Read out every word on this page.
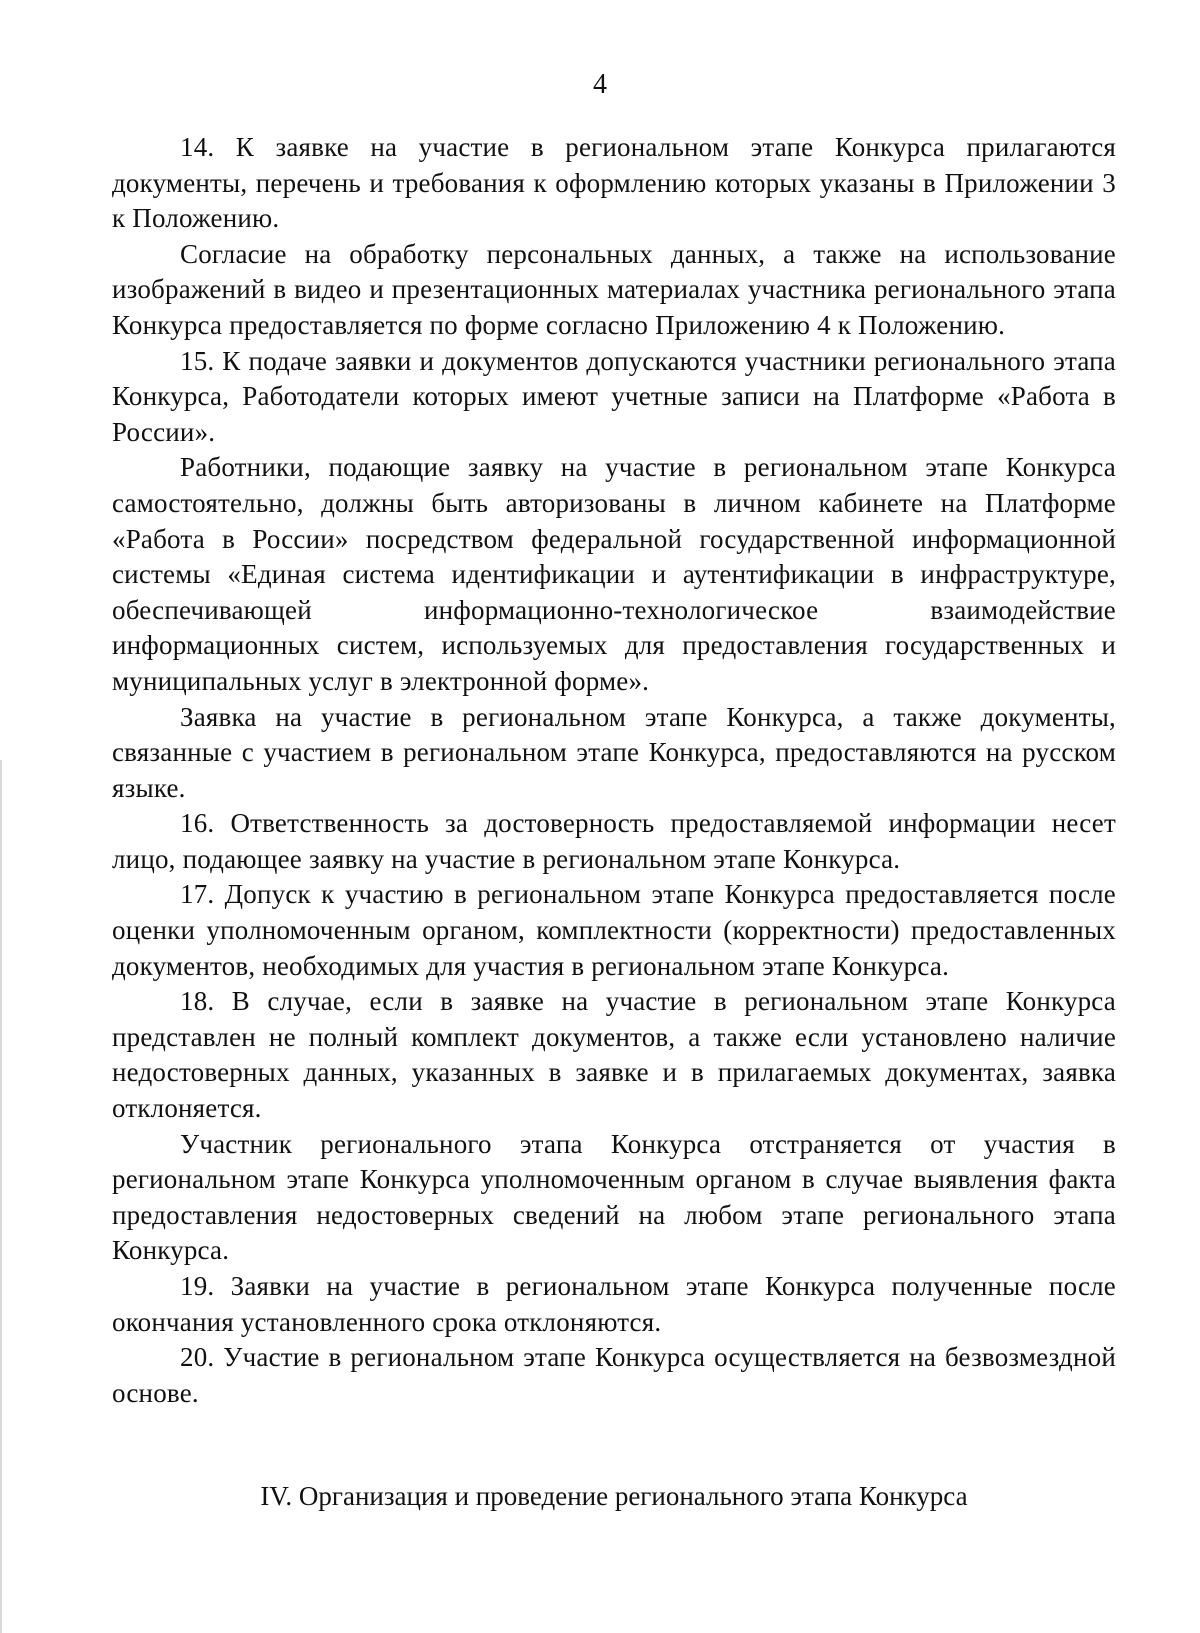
4

14. К заявке на участие в региональном этапе Конкурса прилагаются документы, перечень и требования к оформлению которых указаны в Приложении 3 к Положению.

Согласие на обработку персональных данных, а также на использование изображений в видео и презентационных материалах участника регионального этапа Конкурса предоставляется по форме согласно Приложению 4 к Положению.

15. К подаче заявки и документов допускаются участники регионального этапа Конкурса, Работодатели которых имеют учетные записи на Платформе «Работа в России».

Работники, подающие заявку на участие в региональном этапе Конкурса самостоятельно, должны быть авторизованы в личном кабинете на Платформе «Работа в России» посредством федеральной государственной информационной системы «Единая система идентификации и аутентификации в инфраструктуре, обеспечивающей информационно-технологическое взаимодействие информационных систем, используемых для предоставления государственных и муниципальных услуг в электронной форме».

Заявка на участие в региональном этапе Конкурса, а также документы, связанные с участием в региональном этапе Конкурса, предоставляются на русском языке.

16. Ответственность за достоверность предоставляемой информации несет лицо, подающее заявку на участие в региональном этапе Конкурса.

17. Допуск к участию в региональном этапе Конкурса предоставляется после оценки уполномоченным органом, комплектности (корректности) предоставленных документов, необходимых для участия в региональном этапе Конкурса.

18. В случае, если в заявке на участие в региональном этапе Конкурса представлен не полный комплект документов, а также если установлено наличие недостоверных данных, указанных в заявке и в прилагаемых документах, заявка отклоняется.

Участник регионального этапа Конкурса отстраняется от участия в региональном этапе Конкурса уполномоченным органом в случае выявления факта предоставления недостоверных сведений на любом этапе регионального этапа Конкурса.

19. Заявки на участие в региональном этапе Конкурса полученные после окончания установленного срока отклоняются.

20. Участие в региональном этапе Конкурса осуществляется на безвозмездной основе.

IV. Организация и проведение регионального этапа Конкурса
